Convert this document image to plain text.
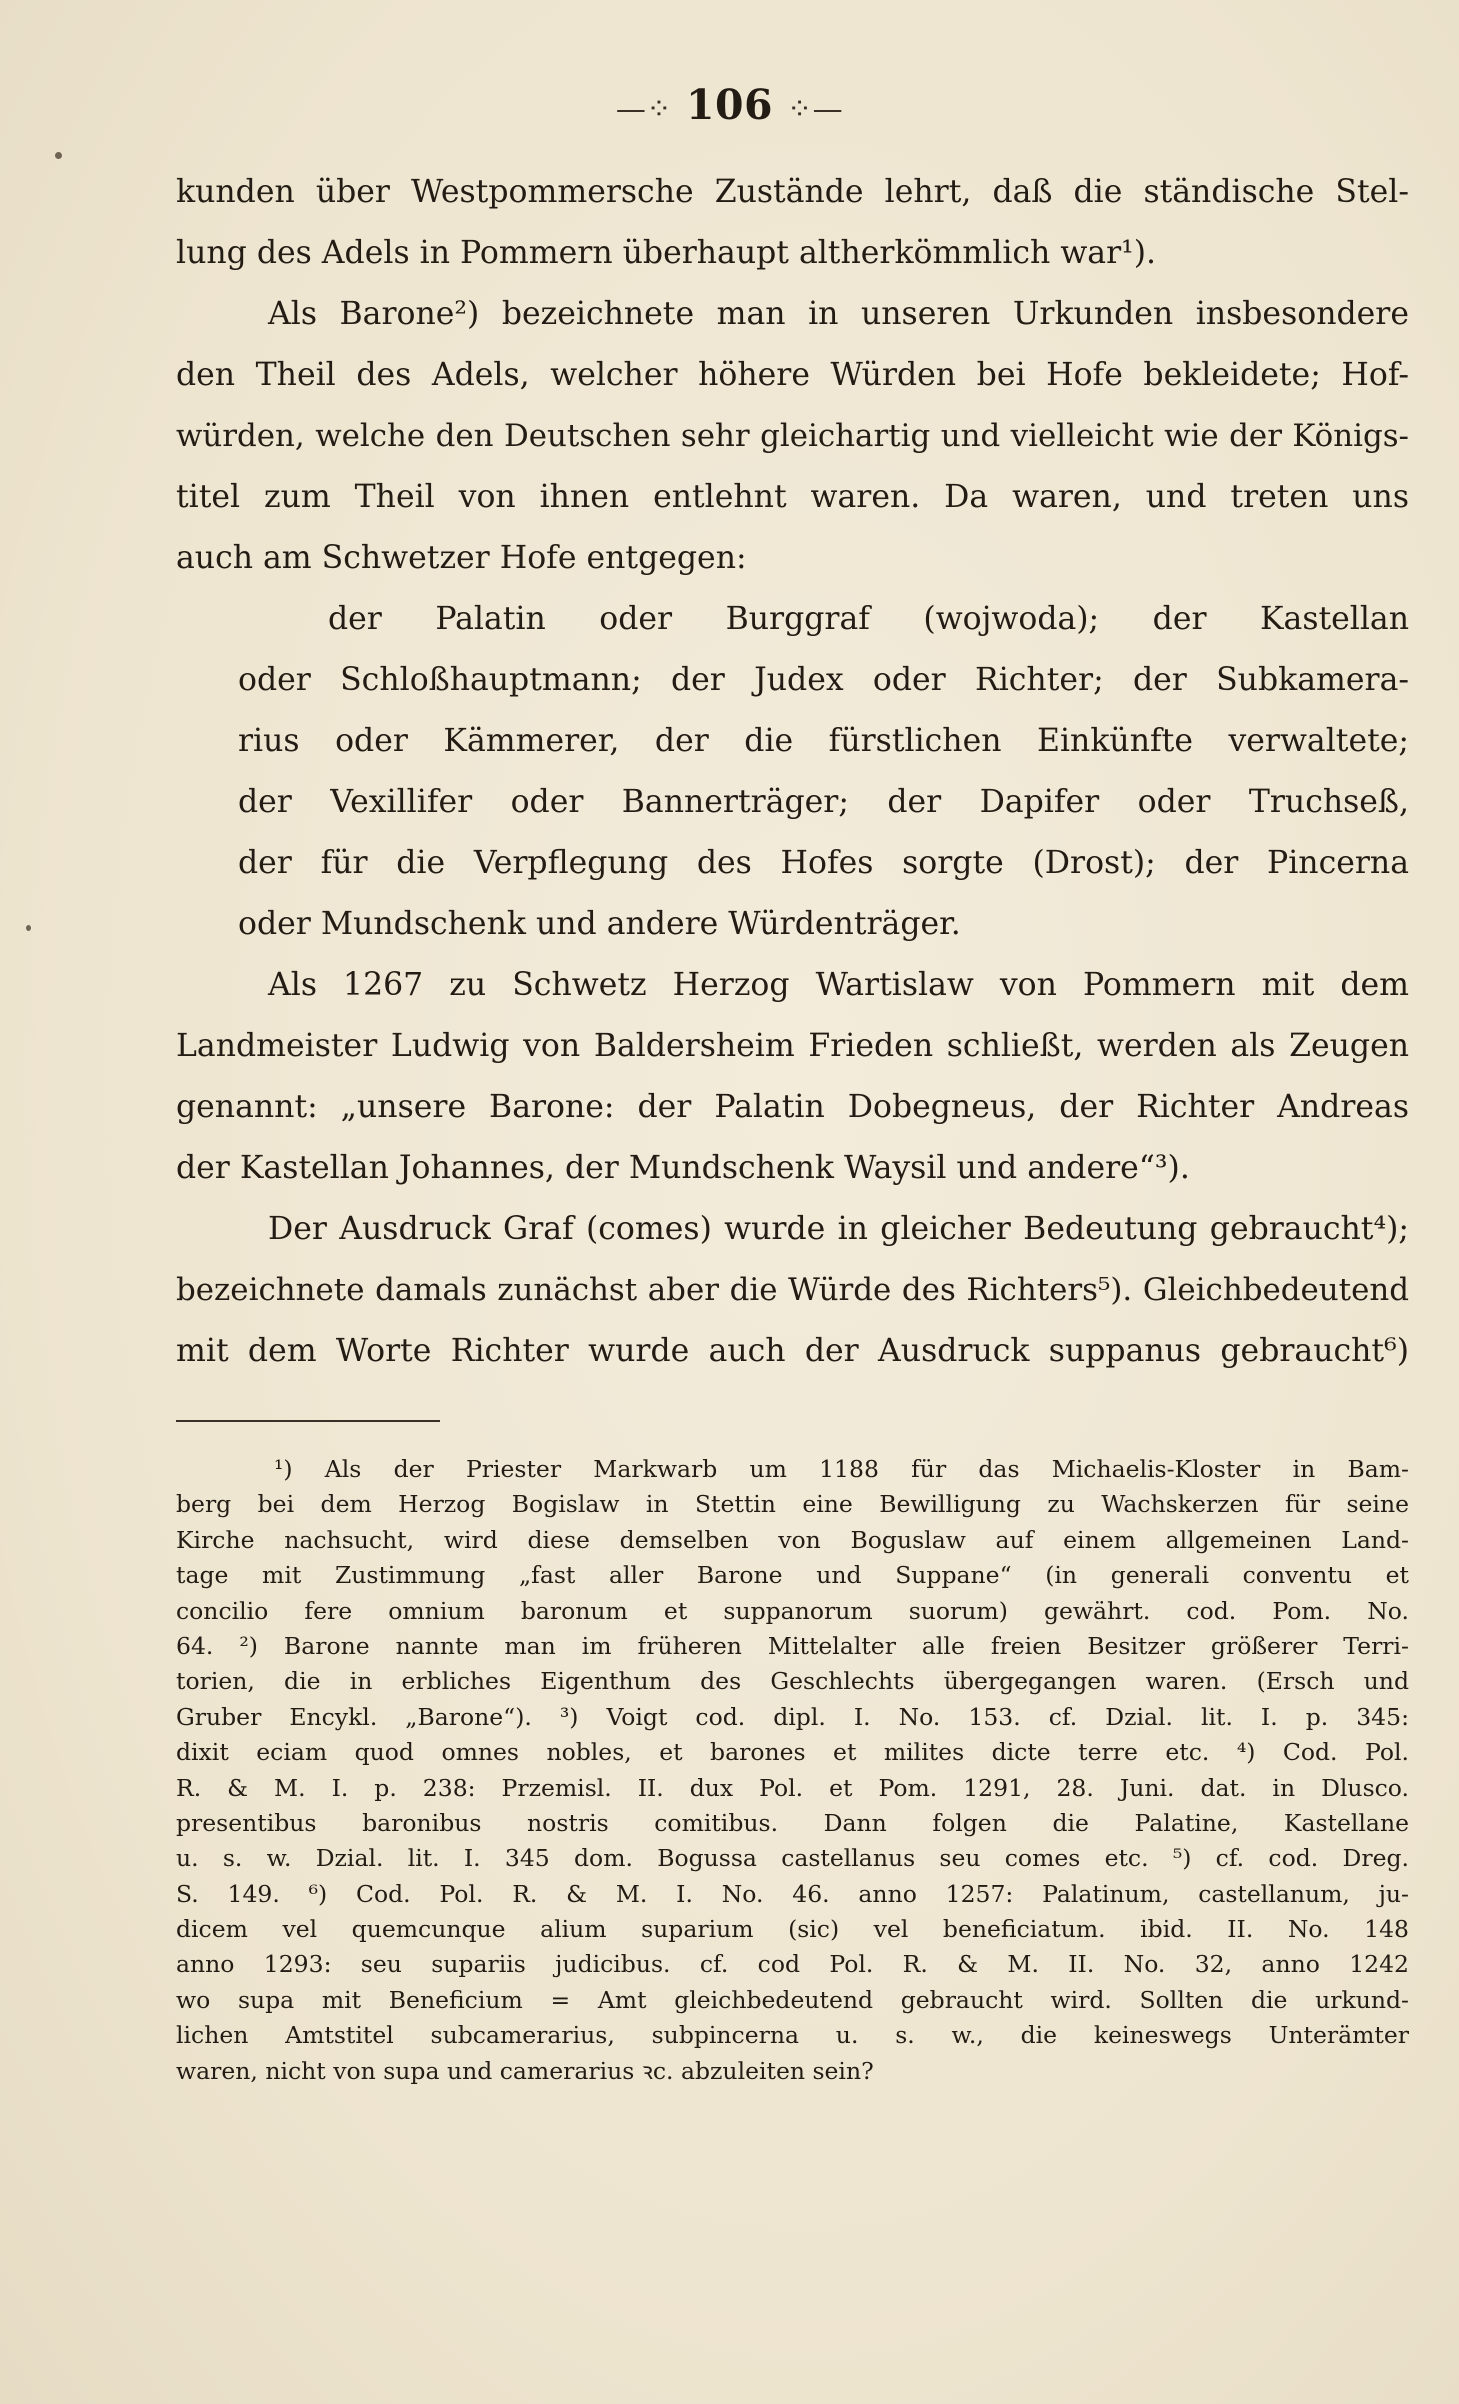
—⁘ 106 ⁘—
kunden über Westpommersche Zustände lehrt, daß die ständische Stel-
lung des Adels in Pommern überhaupt altherkömmlich war¹).
Als Barone²) bezeichnete man in unseren Urkunden insbesondere
den Theil des Adels, welcher höhere Würden bei Hofe bekleidete; Hof-
würden, welche den Deutschen sehr gleichartig und vielleicht wie der Königs-
titel zum Theil von ihnen entlehnt waren. Da waren, und treten uns
auch am Schwetzer Hofe entgegen:
der Palatin oder Burggraf (wojwoda); der Kastellan
oder Schloßhauptmann; der Judex oder Richter; der Subkamera-
rius oder Kämmerer, der die fürstlichen Einkünfte verwaltete;
der Vexillifer oder Bannerträger; der Dapifer oder Truchseß,
der für die Verpflegung des Hofes sorgte (Drost); der Pincerna
oder Mundschenk und andere Würdenträger.
Als 1267 zu Schwetz Herzog Wartislaw von Pommern mit dem
Landmeister Ludwig von Baldersheim Frieden schließt, werden als Zeugen
genannt: „unsere Barone: der Palatin Dobegneus, der Richter Andreas
der Kastellan Johannes, der Mundschenk Waysil und andere“³).
Der Ausdruck Graf (comes) wurde in gleicher Bedeutung gebraucht⁴);
bezeichnete damals zunächst aber die Würde des Richters⁵). Gleichbedeutend
mit dem Worte Richter wurde auch der Ausdruck suppanus gebraucht⁶)
¹) Als der Priester Markwarb um 1188 für das Michaelis-Kloster in Bam-
berg bei dem Herzog Bogislaw in Stettin eine Bewilligung zu Wachskerzen für seine
Kirche nachsucht, wird diese demselben von Boguslaw auf einem allgemeinen Land-
tage mit Zustimmung „fast aller Barone und Suppane“ (in generali conventu et
concilio fere omnium baronum et suppanorum suorum) gewährt. cod. Pom. No.
64. ²) Barone nannte man im früheren Mittelalter alle freien Besitzer größerer Terri-
torien, die in erbliches Eigenthum des Geschlechts übergegangen waren. (Ersch und
Gruber Encykl. „Barone“). ³) Voigt cod. dipl. I. No. 153. cf. Dzial. lit. I. p. 345:
dixit eciam quod omnes nobles, et barones et milites dicte terre etc. ⁴) Cod. Pol.
R. & M. I. p. 238: Przemisl. II. dux Pol. et Pom. 1291, 28. Juni. dat. in Dlusco.
presentibus baronibus nostris comitibus. Dann folgen die Palatine, Kastellane
u. s. w. Dzial. lit. I. 345 dom. Bogussa castellanus seu comes etc. ⁵) cf. cod. Dreg.
S. 149. ⁶) Cod. Pol. R. & M. I. No. 46. anno 1257: Palatinum, castellanum, ju-
dicem vel quemcunque alium suparium (sic) vel beneficiatum. ibid. II. No. 148
anno 1293: seu supariis judicibus. cf. cod Pol. R. & M. II. No. 32, anno 1242
wo supa mit Beneficium = Amt gleichbedeutend gebraucht wird. Sollten die urkund-
lichen Amtstitel subcamerarius, subpincerna u. s. w., die keineswegs Unterämter
waren, nicht von supa und camerarius ꝛc. abzuleiten sein?
